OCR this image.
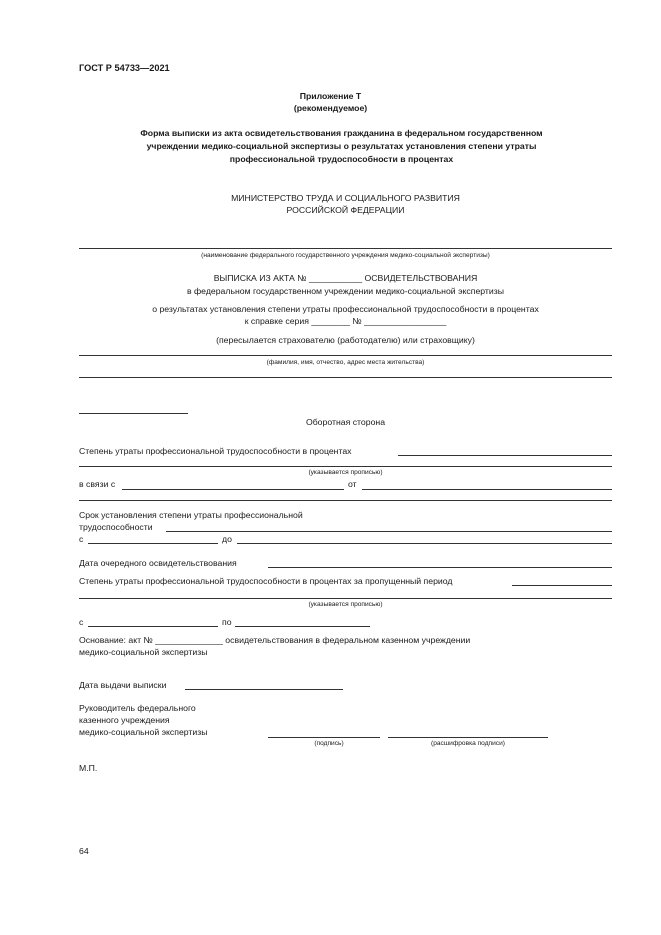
ГОСТ Р 54733—2021
Приложение Т
(рекомендуемое)
Форма выписки из акта освидетельствования гражданина в федеральном государственном
учреждении медико-социальной экспертизы о результатах установления степени утраты
профессиональной трудоспособности в процентах
МИНИСТЕРСТВО ТРУДА И СОЦИАЛЬНОГО РАЗВИТИЯ
РОССИЙСКОЙ ФЕДЕРАЦИИ
(наименование федерального государственного учреждения медико-социальной экспертизы)
ВЫПИСКА ИЗ АКТА № ___________ ОСВИДЕТЕЛЬСТВОВАНИЯ
в федеральном государственном учреждении медико-социальной экспертизы
о результатах установления степени утраты профессиональной трудоспособности в процентах
к справке серия ________ № _________________
(пересылается страхователю (работодателю) или страховщику)
(фамилия, имя, отчество, адрес места жительства)
Оборотная сторона
Степень утраты профессиональной трудоспособности в процентах
(указывается прописью)
в связи с	от
Срок установления степени утраты профессиональной
трудоспособности
с	до
Дата очередного освидетельствования
Степень утраты профессиональной трудоспособности в процентах за пропущенный период
(указывается прописью)
с	по
Основание: акт № ______________ освидетельствования в федеральном казенном учреждении
медико-социальной экспертизы
Дата выдачи выписки
Руководитель федерального
казенного учреждения
медико-социальной экспертизы
(подпись)	(расшифровка подписи)
М.П.
64
